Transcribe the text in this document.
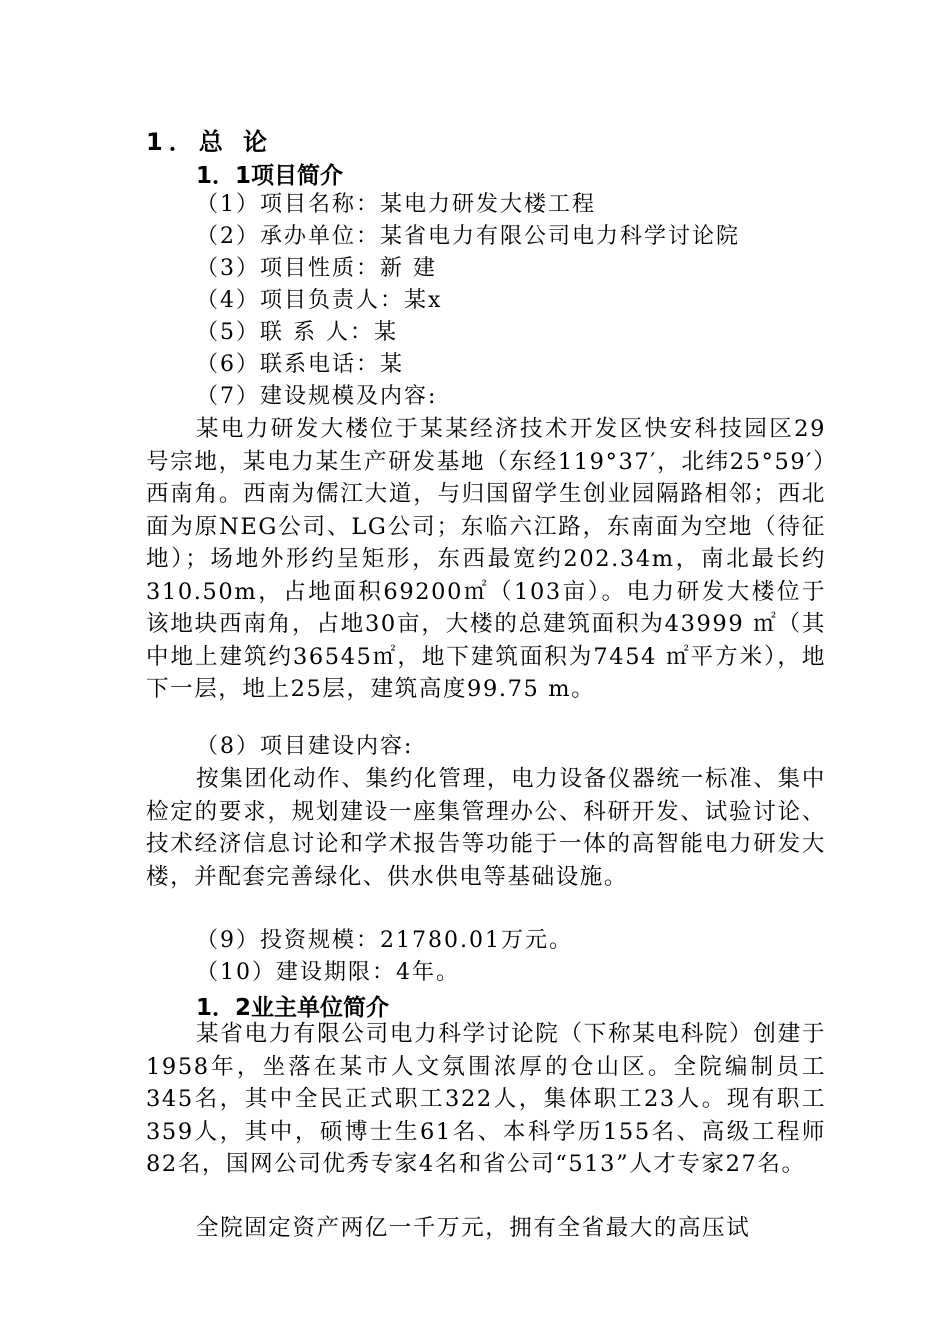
1．总 论
1．1项目简介
（1）项目名称：某电力研发大楼工程
（2）承办单位：某省电力有限公司电力科学讨论院
（3）项目性质：新 建
（4）项目负责人：某x
（5）联 系 人：某
（6）联系电话：某
（7）建设规模及内容:

某电力研发大楼位于某某经济技术开发区快安科技园区29号宗地，某电力某生产研发基地（东经119°37′，北纬25°59′）西南角。西南为儒江大道，与归国留学生创业园隔路相邻；西北面为原NEG公司、LG公司；东临六江路，东南面为空地（待征地）；场地外形约呈矩形，东西最宽约202.34m，南北最长约310.50m，占地面积69200㎡（103亩）。电力研发大楼位于该地块西南角，占地30亩，大楼的总建筑面积为43999 ㎡（其中地上建筑约36545㎡，地下建筑面积为7454 ㎡平方米），地下一层，地上25层，建筑高度99.75 m。

（8）项目建设内容:

按集团化动作、集约化管理，电力设备仪器统一标准、集中检定的要求，规划建设一座集管理办公、科研开发、试验讨论、技术经济信息讨论和学术报告等功能于一体的高智能电力研发大楼，并配套完善绿化、供水供电等基础设施。

（9）投资规模：21780.01万元。
（10）建设期限：4年。
1．2业主单位简介

某省电力有限公司电力科学讨论院（下称某电科院）创建于1958年，坐落在某市人文氛围浓厚的仓山区。全院编制员工345名，其中全民正式职工322人，集体职工23人。现有职工359人，其中，硕博士生61名、本科学历155名、高级工程师82名，国网公司优秀专家4名和省公司“513”人才专家27名。

全院固定资产两亿一千万元，拥有全省最大的高压试
